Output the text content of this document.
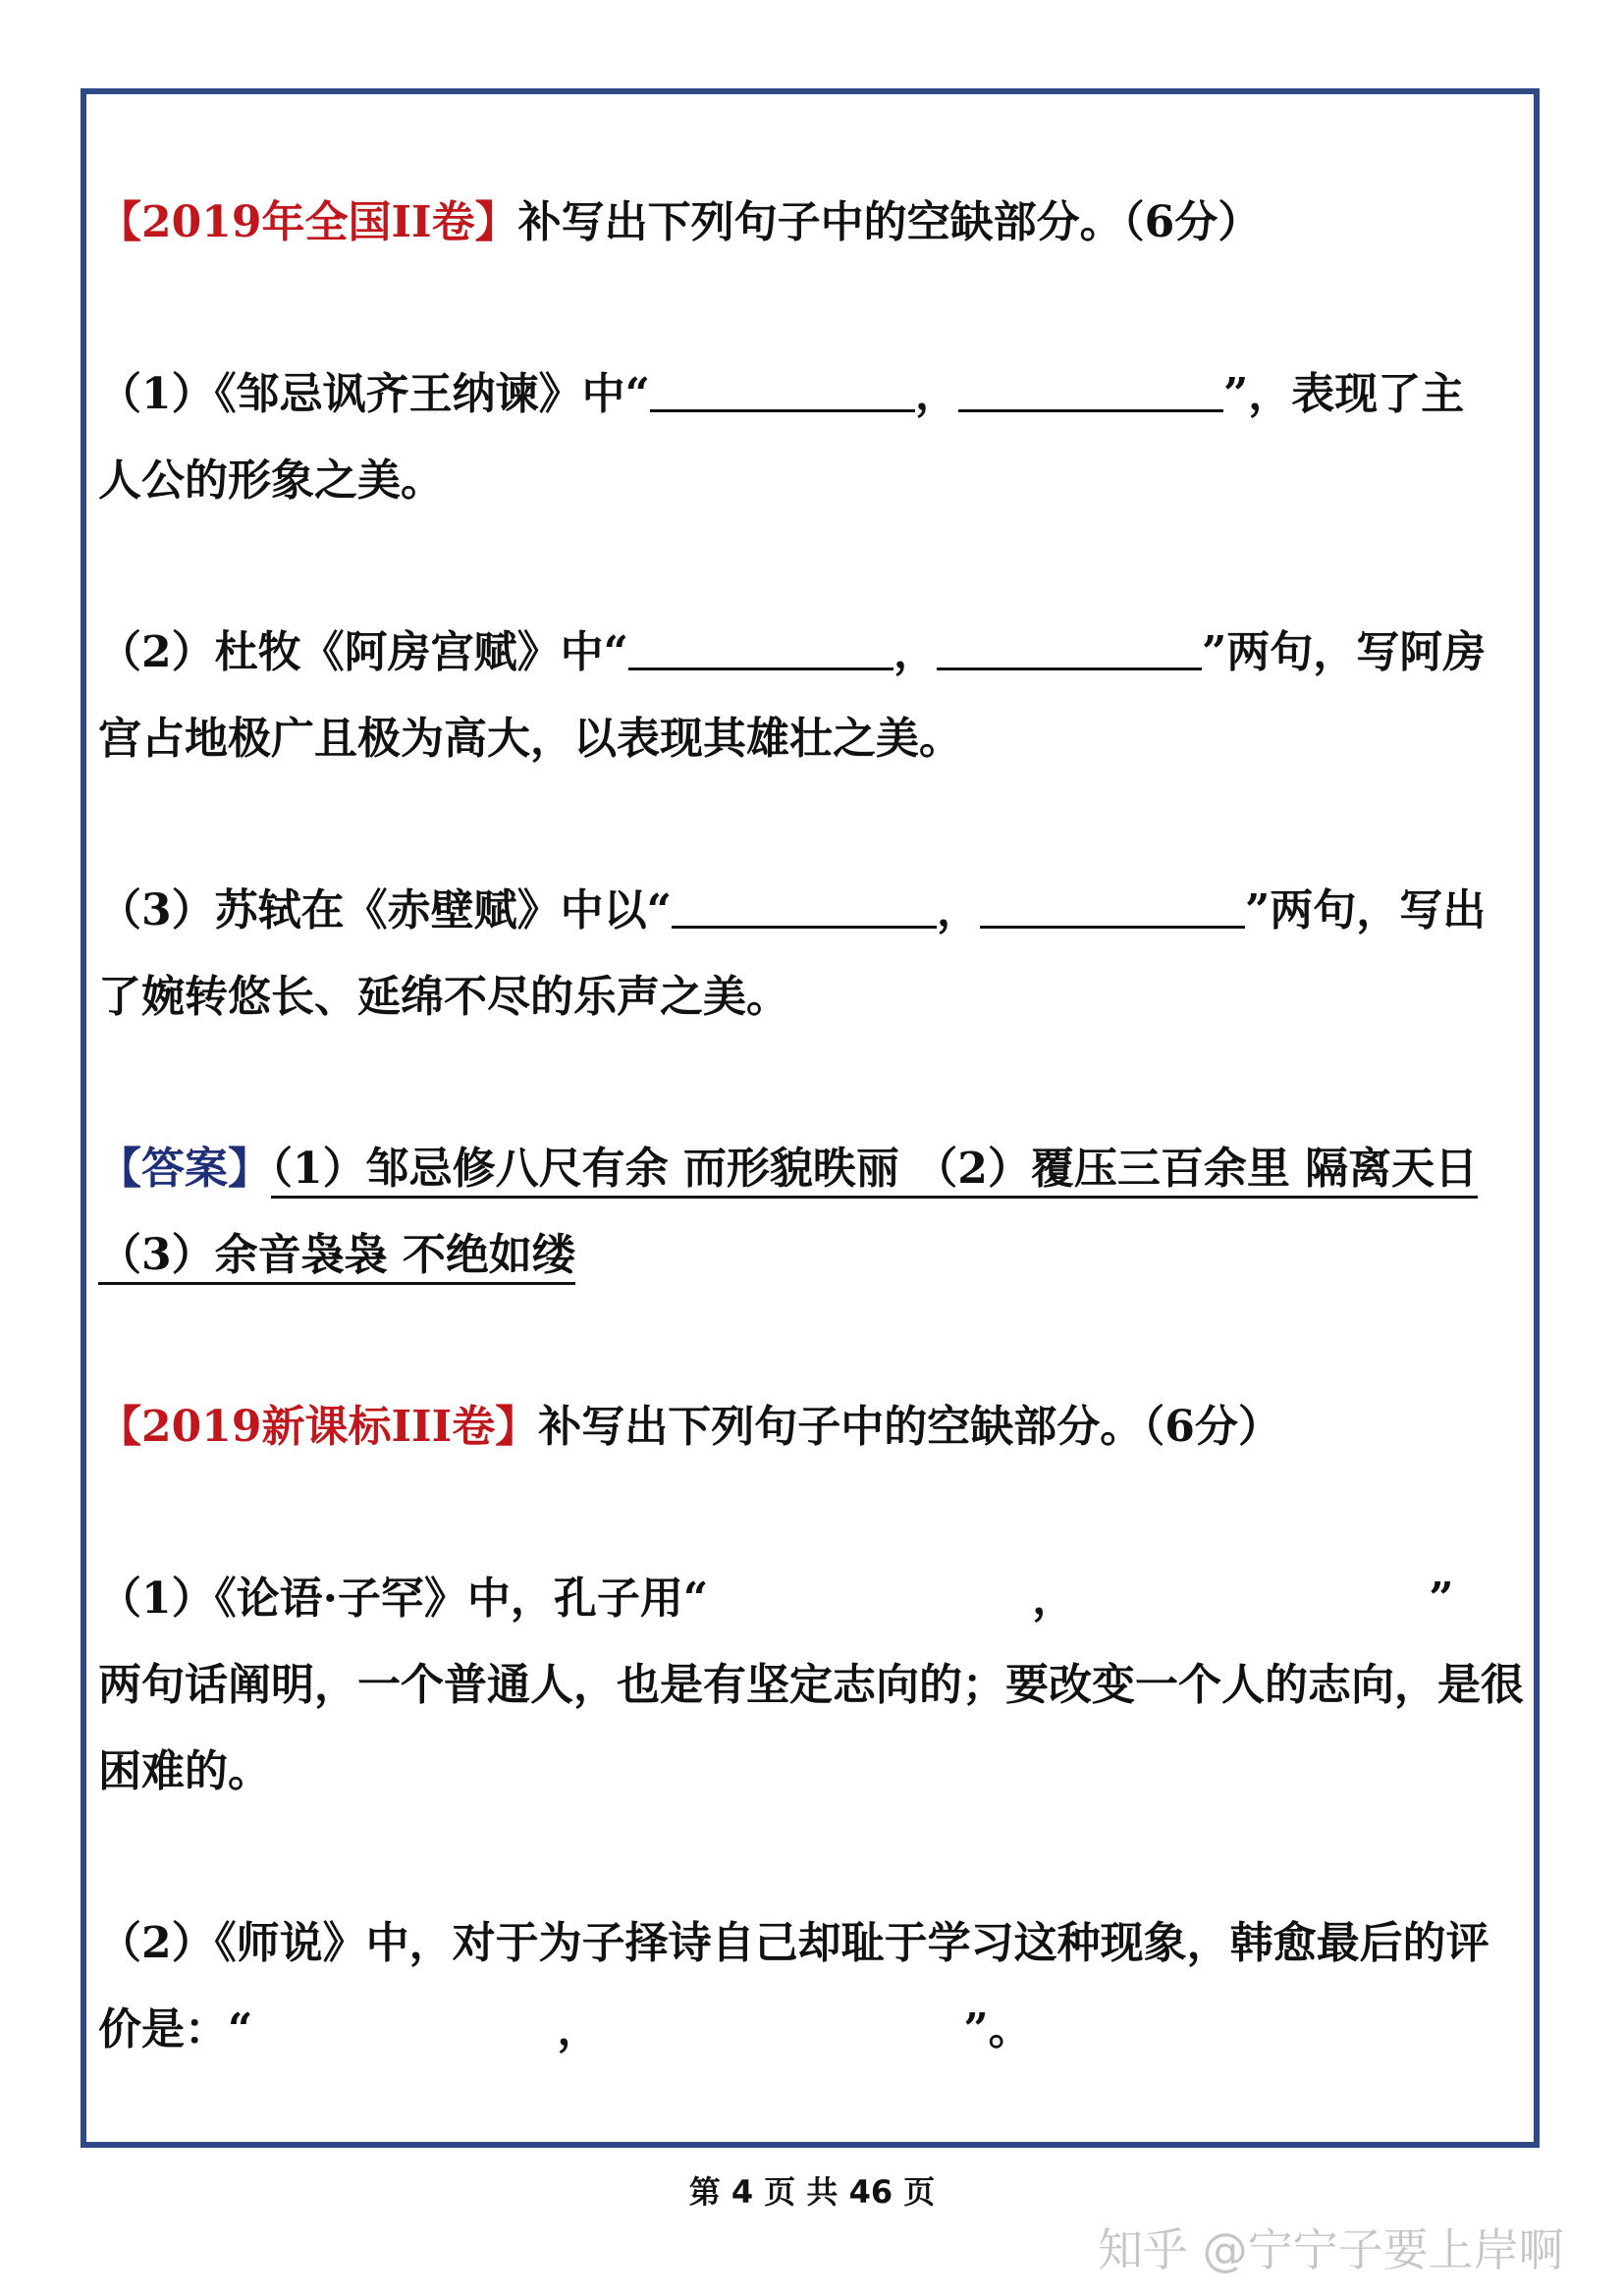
【2019年全国II卷】补写出下列句子中的空缺部分。（6分）
（1）《邹忌讽齐王纳谏》中“	，	”，表现了主
人公的形象之美。
（2）杜牧《阿房宫赋》中“	，	”两句，写阿房
宫占地极广且极为高大，以表现其雄壮之美。
（3）苏轼在《赤壁赋》中以“	，	”两句，写出
了婉转悠长、延绵不尽的乐声之美。
【答案】（1）邹忌修八尺有余 而形貌昳丽 （2）覆压三百余里 隔离天日
（3）余音袅袅 不绝如缕
【2019新课标III卷】补写出下列句子中的空缺部分。（6分）
（1）《论语·子罕》中，孔子用“	，	”
两句话阐明，一个普通人，也是有坚定志向的；要改变一个人的志向，是很
困难的。
（2）《师说》中，对于为子择诗自己却耻于学习这种现象，韩愈最后的评
价是：“	，	”。
第 4 页 共 46 页
知乎 @宁宁子要上岸啊
